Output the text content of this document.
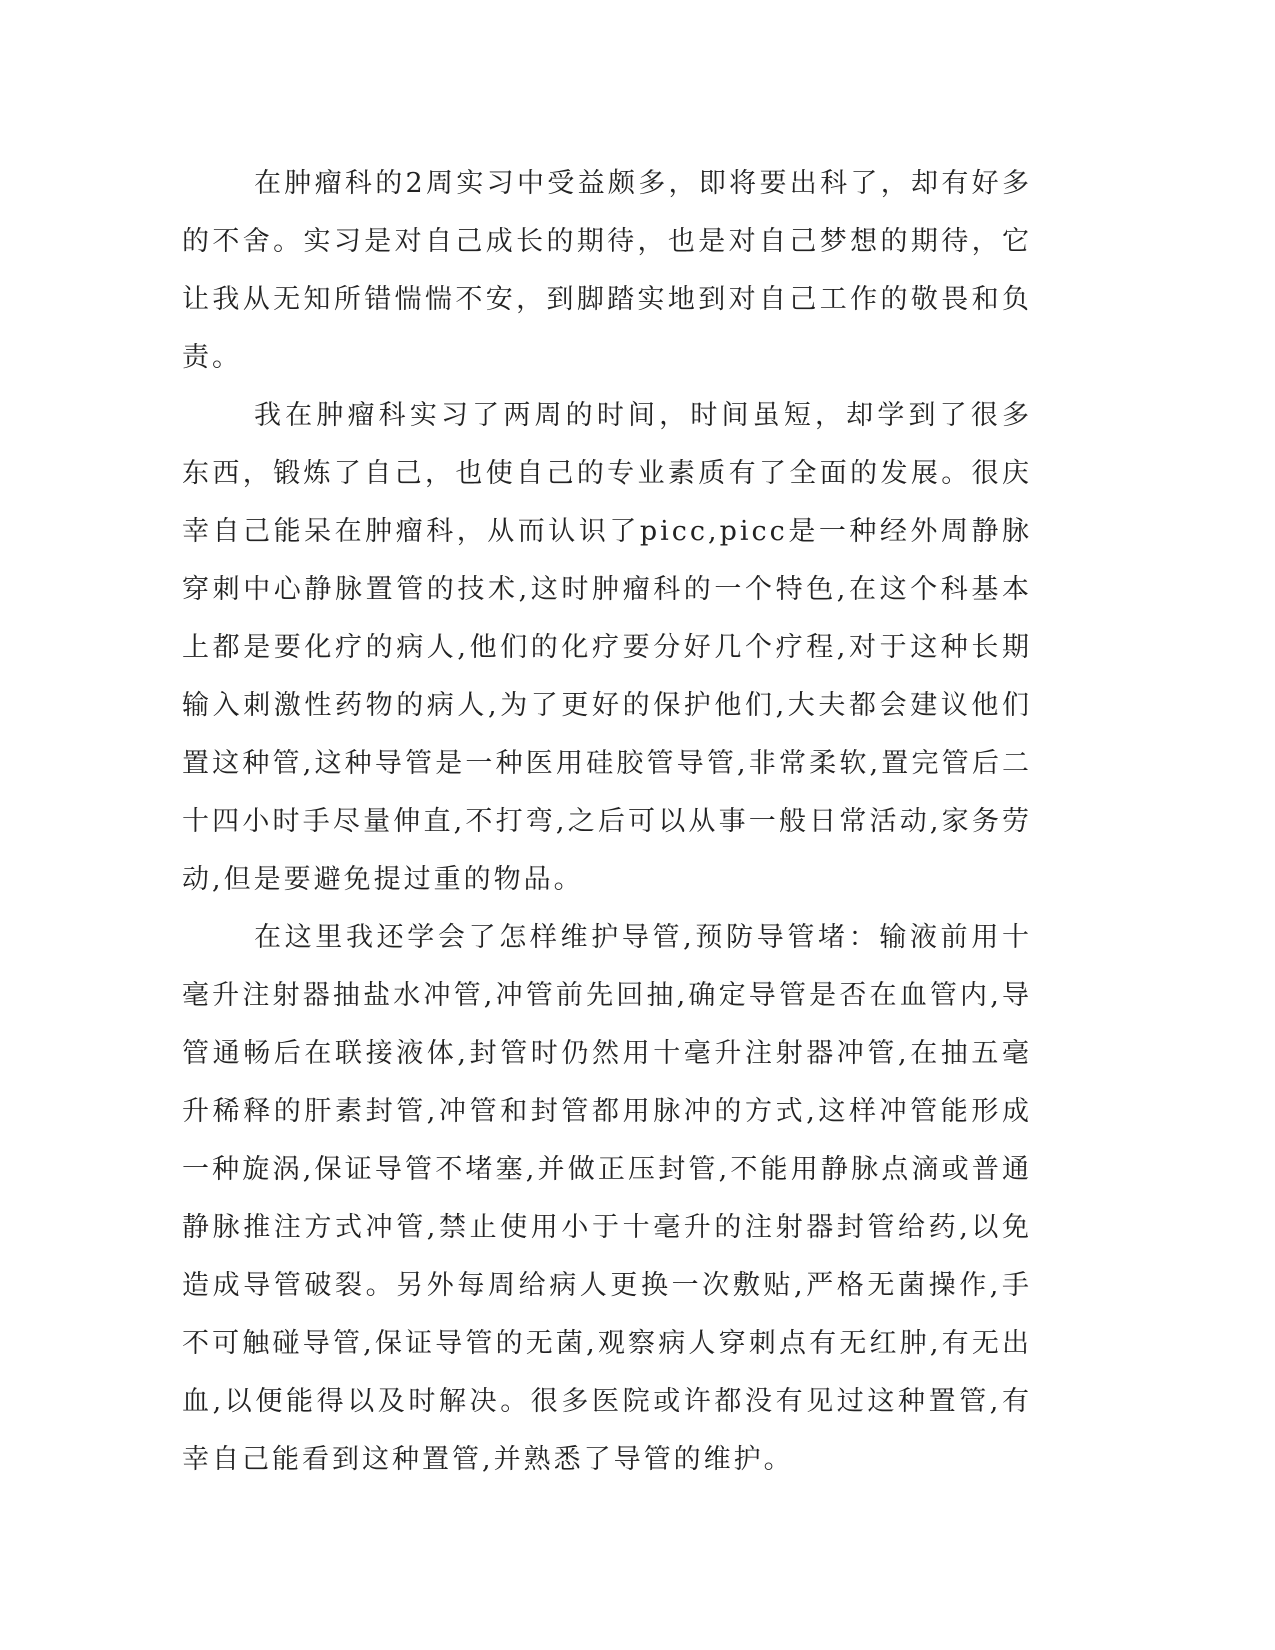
在肿瘤科的2周实习中受益颇多，即将要出科了，却有好多的不舍。实习是对自己成长的期待，也是对自己梦想的期待，它让我从无知所错惴惴不安，到脚踏实地到对自己工作的敬畏和负责。

我在肿瘤科实习了两周的时间，时间虽短，却学到了很多东西，锻炼了自己，也使自己的专业素质有了全面的发展。很庆幸自己能呆在肿瘤科，从而认识了picc,picc是一种经外周静脉穿刺中心静脉置管的技术,这时肿瘤科的一个特色,在这个科基本上都是要化疗的病人,他们的化疗要分好几个疗程,对于这种长期输入刺激性药物的病人,为了更好的保护他们,大夫都会建议他们置这种管,这种导管是一种医用硅胶管导管,非常柔软,置完管后二十四小时手尽量伸直,不打弯,之后可以从事一般日常活动,家务劳动,但是要避免提过重的物品。

在这里我还学会了怎样维护导管,预防导管堵：输液前用十毫升注射器抽盐水冲管,冲管前先回抽,确定导管是否在血管内,导管通畅后在联接液体,封管时仍然用十毫升注射器冲管,在抽五毫升稀释的肝素封管,冲管和封管都用脉冲的方式,这样冲管能形成一种旋涡,保证导管不堵塞,并做正压封管,不能用静脉点滴或普通静脉推注方式冲管,禁止使用小于十毫升的注射器封管给药,以免造成导管破裂。另外每周给病人更换一次敷贴,严格无菌操作,手不可触碰导管,保证导管的无菌,观察病人穿刺点有无红肿,有无出血,以便能得以及时解决。很多医院或许都没有见过这种置管,有幸自己能看到这种置管,并熟悉了导管的维护。
